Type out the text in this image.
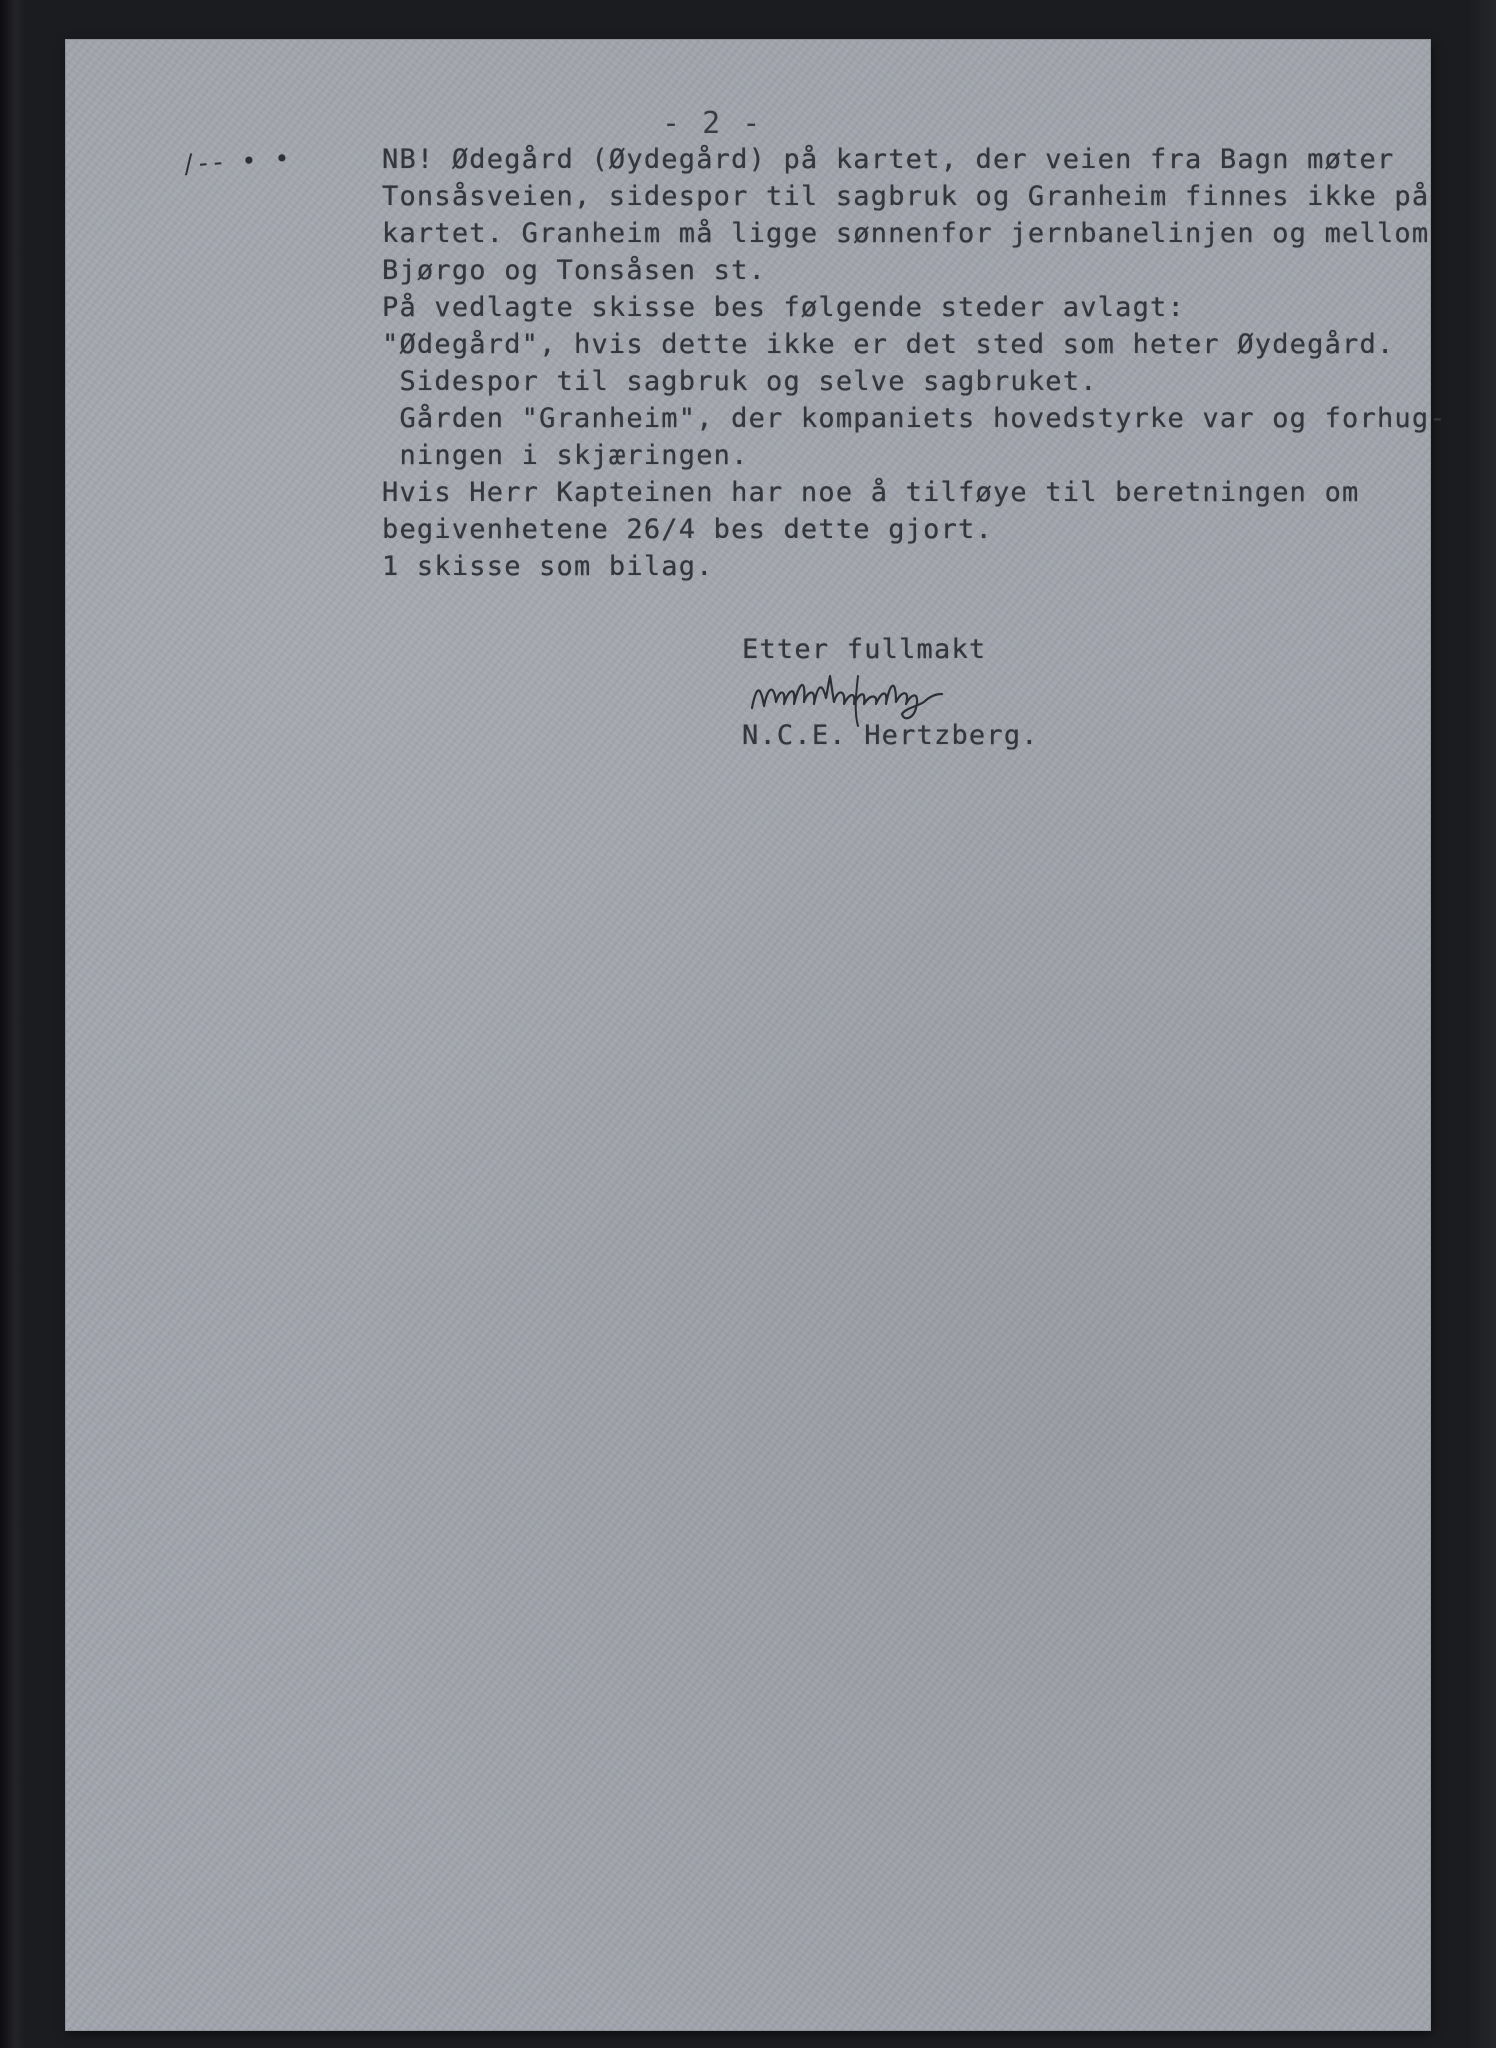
- 2 -
∕-- ∙ ∙	NB! Ødegård (Øydegård) på kartet, der veien fra Bagn møter
Tonsåsveien, sidespor til sagbruk og Granheim finnes ikke på
kartet. Granheim må ligge sønnenfor jernbanelinjen og mellom
Bjørgo og Tonsåsen st.
På vedlagte skisse bes følgende steder avlagt:
"Ødegård", hvis dette ikke er det sted som heter Øydegård.
Sidespor til sagbruk og selve sagbruket.
Gården "Granheim", der kompaniets hovedstyrke var og forhug-
ningen i skjæringen.
Hvis Herr Kapteinen har noe å tilføye til beretningen om
begivenhetene 26/4 bes dette gjort.
1 skisse som bilag.
Etter fullmakt
N.C.E. Hertzberg.
